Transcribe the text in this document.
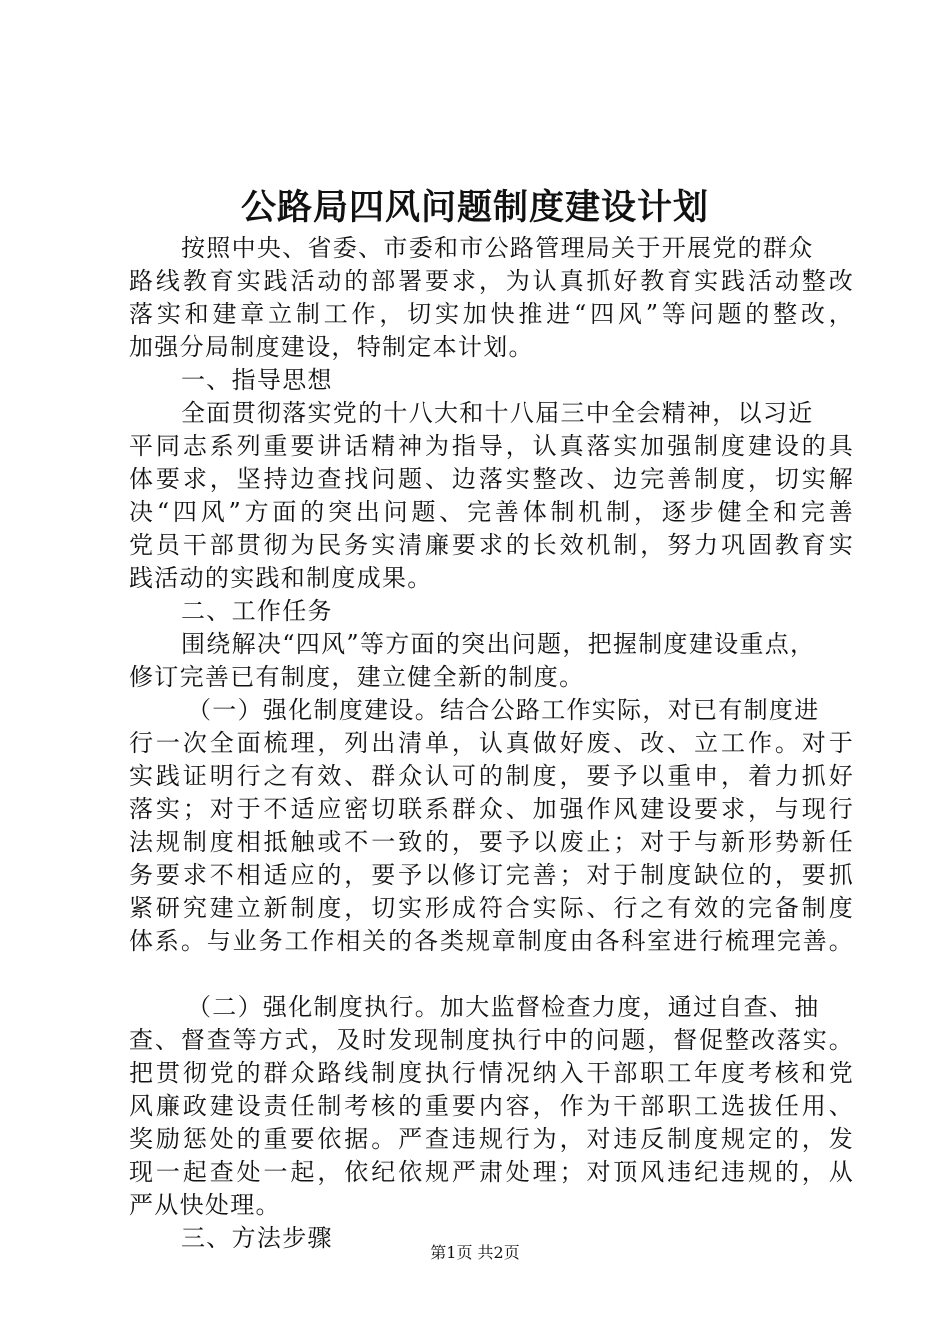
公路局四风问题制度建设计划
按照中央、省委、市委和市公路管理局关于开展党的群众
路线教育实践活动的部署要求，为认真抓好教育实践活动整改
落实和建章立制工作，切实加快推进“四风”等问题的整改，
加强分局制度建设，特制定本计划。
一、指导思想
全面贯彻落实党的十八大和十八届三中全会精神，以习近
平同志系列重要讲话精神为指导，认真落实加强制度建设的具
体要求，坚持边查找问题、边落实整改、边完善制度，切实解
决“四风”方面的突出问题、完善体制机制，逐步健全和完善
党员干部贯彻为民务实清廉要求的长效机制，努力巩固教育实
践活动的实践和制度成果。
二、工作任务
围绕解决“四风”等方面的突出问题，把握制度建设重点，
修订完善已有制度，建立健全新的制度。
（一）强化制度建设。结合公路工作实际，对已有制度进
行一次全面梳理，列出清单，认真做好废、改、立工作。对于
实践证明行之有效、群众认可的制度，要予以重申，着力抓好
落实；对于不适应密切联系群众、加强作风建设要求，与现行
法规制度相抵触或不一致的，要予以废止；对于与新形势新任
务要求不相适应的，要予以修订完善；对于制度缺位的，要抓
紧研究建立新制度，切实形成符合实际、行之有效的完备制度
体系。与业务工作相关的各类规章制度由各科室进行梳理完善。
（二）强化制度执行。加大监督检查力度，通过自查、抽
查、督查等方式，及时发现制度执行中的问题，督促整改落实。
把贯彻党的群众路线制度执行情况纳入干部职工年度考核和党
风廉政建设责任制考核的重要内容，作为干部职工选拔任用、
奖励惩处的重要依据。严查违规行为，对违反制度规定的，发
现一起查处一起，依纪依规严肃处理；对顶风违纪违规的，从
严从快处理。
三、方法步骤
第1页 共2页
